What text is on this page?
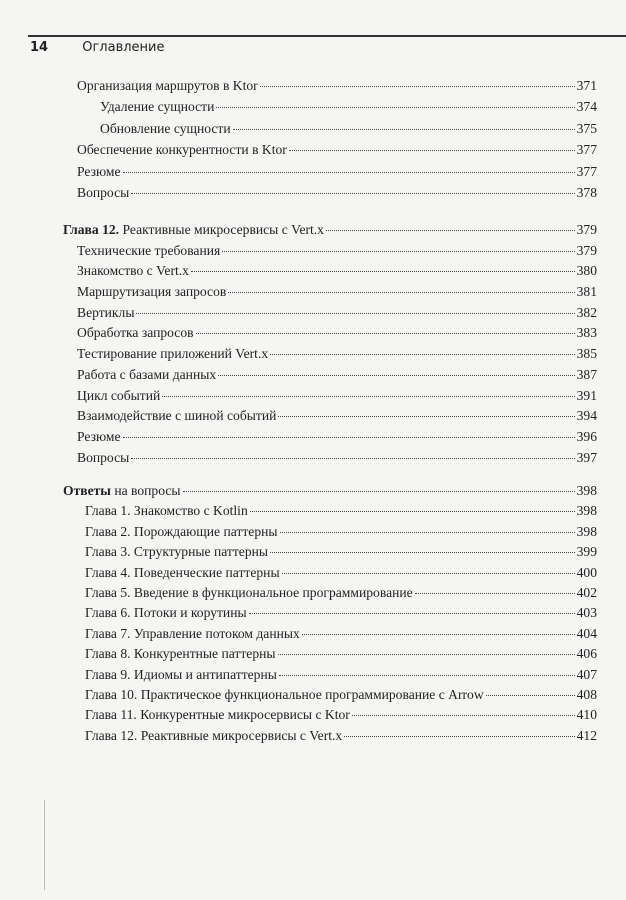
14	Оглавление
Организация маршрутов в Ktor	371
Удаление сущности	374
Обновление сущности	375
Обеспечение конкурентности в Ktor	377
Резюме	377
Вопросы	378
Глава 12. Реактивные микросервисы с Vert.x	379
Технические требования	379
Знакомство с Vert.x	380
Маршрутизация запросов	381
Вертиклы	382
Обработка запросов	383
Тестирование приложений Vert.x	385
Работа с базами данных	387
Цикл событий	391
Взаимодействие с шиной событий	394
Резюме	396
Вопросы	397
Ответы на вопросы	398
Глава 1. Знакомство с Kotlin	398
Глава 2. Порождающие паттерны	398
Глава 3. Структурные паттерны	399
Глава 4. Поведенческие паттерны	400
Глава 5. Введение в функциональное программирование	402
Глава 6. Потоки и корутины	403
Глава 7. Управление потоком данных	404
Глава 8. Конкурентные паттерны	406
Глава 9. Идиомы и антипаттерны	407
Глава 10. Практическое функциональное программирование с Arrow	408
Глава 11. Конкурентные микросервисы с Ktor	410
Глава 12. Реактивные микросервисы с Vert.x	412
